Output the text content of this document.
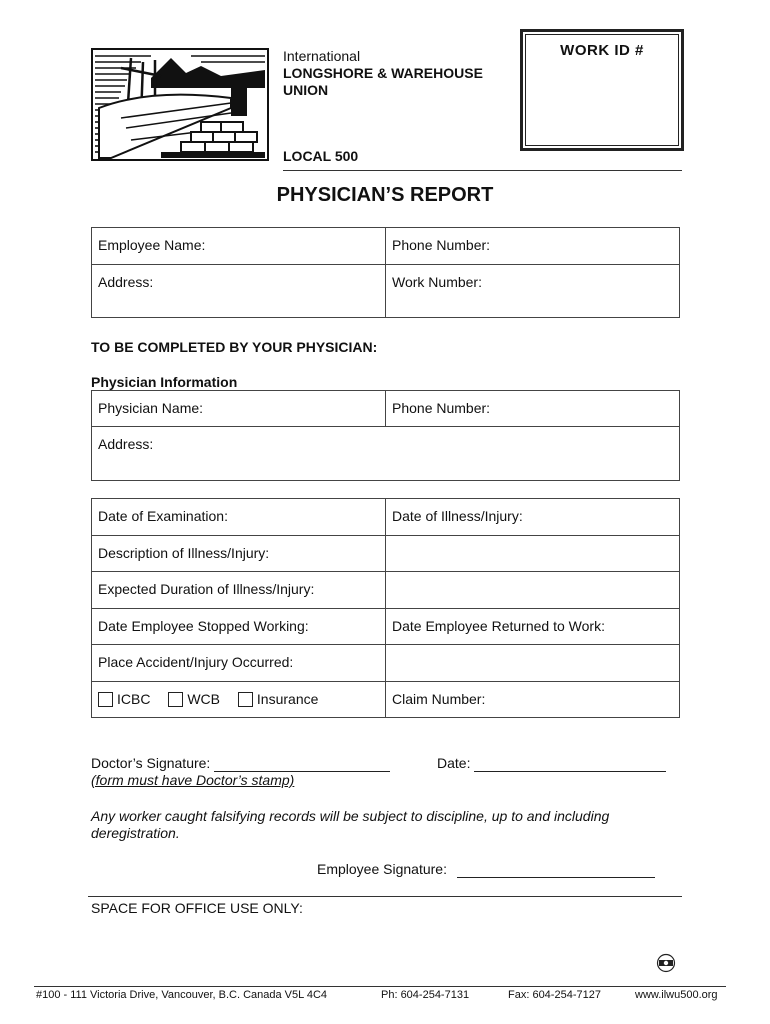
International
LONGSHORE & WAREHOUSE
UNION
LOCAL 500
WORK ID #
PHYSICIAN’S REPORT
Employee Name:	Phone Number:
Address:	Work Number:
TO BE COMPLETED BY YOUR PHYSICIAN:
Physician Information
Physician Name:	Phone Number:
Address:
Date of Examination:	Date of Illness/Injury:
Description of Illness/Injury:	
Expected Duration of Illness/Injury:	
Date Employee Stopped Working:	Date Employee Returned to Work:
Place Accident/Injury Occurred:	
ICBC WCB Insurance	Claim Number:
Doctor’s Signature:
(form must have Doctor’s stamp)
Date:
Any worker caught falsifying records will be subject to discipline, up to and including deregistration.
Employee Signature:
SPACE FOR OFFICE USE ONLY:
#100 - 111 Victoria Drive, Vancouver, B.C. Canada V5L 4C4	Ph: 604-254-7131	Fax: 604-254-7127	www.ilwu500.org
